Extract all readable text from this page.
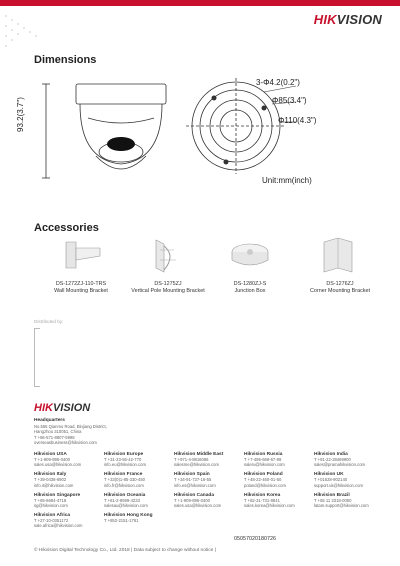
HIKVISION
Dimensions
93.2(3.7")
3-Φ4.2(0.2")
Φ85(3.4")
Φ110(4.3")
Unit:mm(inch)
Accessories
DS-1272ZJ-110-TRS
Wall Mounting Bracket
DS-1275ZJ
Vertical Pole Mounting Bracket
DS-1280ZJ-S
Junction Box
DS-1276ZJ
Corner Mounting Bracket
Distributed by:
HIKVISION
Headquarters
No.555 Qianmo Road, Binjiang District,
Hangzhou 310051, China
T +86-571-8807-5998
overseasbusiness@hikvision.com
Hikvision USA
T +1-909-895-0400
sales.usa@hikvision.com
Hikvision Europe
T +31-23-55-42-770
info.eu@hikvision.com
Hikvision Middle East
T +971-4-8816086
salesme@hikvision.com
Hikvision Russia
T +7-495-669-67-99
saleru@hikvision.com
Hikvision India
T +91-22-28469900
sales@pramahikvision.com
Hikvision Italy
T +39-0438-6902
info.it@hikvision.com
Hikvision France
T +33(0)1-85-330-450
info.fr@hikvision.com
Hikvision Spain
T +34-91-737-16-55
info.es@hikvision.com
Hikvision Poland
T +48-22-460-01-50
poland@hikvision.com
Hikvision UK
T +01628-902140
support.uk@hikvision.com
Hikvision Singapore
T +65-6684-4718
sg@hikvision.com
Hikvision Oceania
T +61-2-8599-4233
salesau@hikvision.com
Hikvision Canada
T +1-909-895-0400
sales.usa@hikvision.com
Hikvision Korea
T +82-31-731-8841
sales.korea@hikvision.com
Hikvision Brazil
T +55 11 3318-0050
latam.support@hikvision.com
Hikvision Africa
T +27-10-0351172
sale.africa@hikvision.com
Hikvision Hong Kong
T +852-2151-1761
05057020180726
© Hikvision Digital Technology Co., Ltd. 2018 | Data subject to change without notice |
